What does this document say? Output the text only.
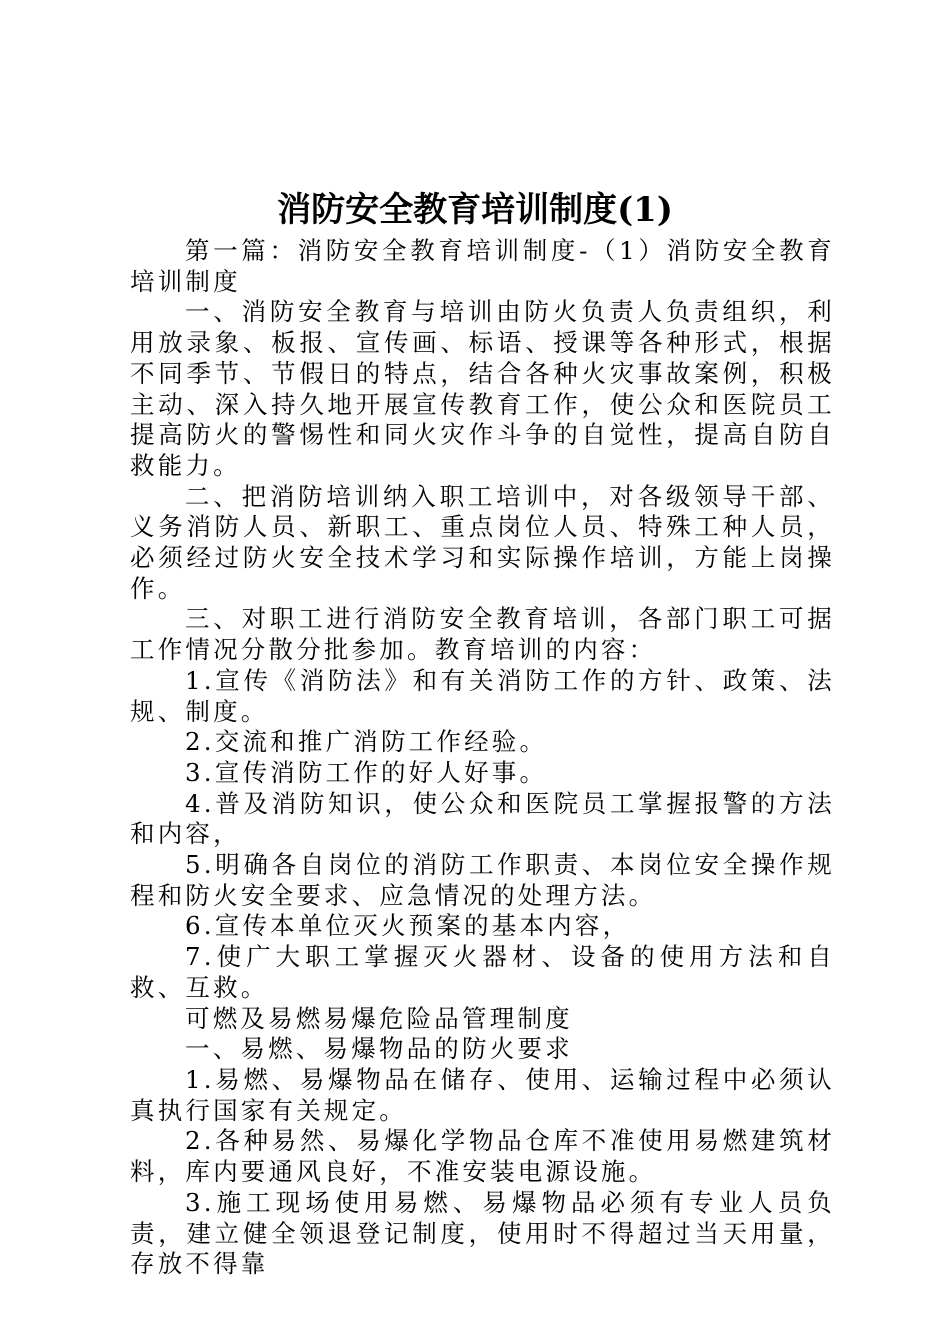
消防安全教育培训制度(1)

第一篇：消防安全教育培训制度-（1）消防安全教育培训制度

一、消防安全教育与培训由防火负责人负责组织，利用放录象、板报、宣传画、标语、授课等各种形式，根据不同季节、节假日的特点，结合各种火灾事故案例，积极主动、深入持久地开展宣传教育工作，使公众和医院员工提高防火的警惕性和同火灾作斗争的自觉性，提高自防自救能力。

二、把消防培训纳入职工培训中，对各级领导干部、义务消防人员、新职工、重点岗位人员、特殊工种人员，必须经过防火安全技术学习和实际操作培训，方能上岗操作。

三、对职工进行消防安全教育培训，各部门职工可据工作情况分散分批参加。教育培训的内容：

1.宣传《消防法》和有关消防工作的方针、政策、法规、制度。

2.交流和推广消防工作经验。

3.宣传消防工作的好人好事。

4.普及消防知识，使公众和医院员工掌握报警的方法和内容，

5.明确各自岗位的消防工作职责、本岗位安全操作规程和防火安全要求、应急情况的处理方法。

6.宣传本单位灭火预案的基本内容，

7.使广大职工掌握灭火器材、设备的使用方法和自救、互救。

可燃及易燃易爆危险品管理制度

一、易燃、易爆物品的防火要求

1.易燃、易爆物品在储存、使用、运输过程中必须认真执行国家有关规定。

2.各种易然、易爆化学物品仓库不准使用易燃建筑材料，库内要通风良好，不准安装电源设施。

3.施工现场使用易燃、易爆物品必须有专业人员负责，建立健全领退登记制度，使用时不得超过当天用量，存放不得靠
